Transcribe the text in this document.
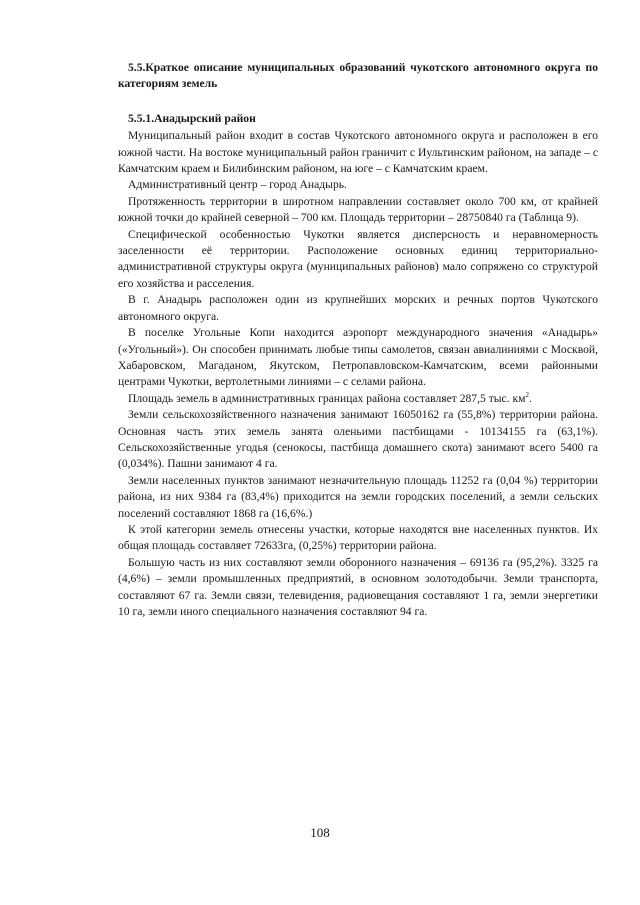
5.5.Краткое описание муниципальных образований чукотского автономного округа по категориям земель

5.5.1.Анадырский район

Муниципальный район входит в состав Чукотского автономного округа и расположен в его южной части. На востоке муниципальный район граничит с Иультинским районом, на западе – с Камчатским краем и Билибинским районом, на юге – с Камчатским краем.

Административный центр – город Анадырь.

Протяженность территории в широтном направлении составляет около 700 км, от крайней южной точки до крайней северной – 700 км. Площадь территории – 28750840 га (Таблица 9).

Специфической особенностью Чукотки является дисперсность и неравномерность заселенности её территории. Расположение основных единиц территориально-административной структуры округа (муниципальных районов) мало сопряжено со структурой его хозяйства и расселения.

В г. Анадырь расположен один из крупнейших морских и речных портов Чукотского автономного округа.

В поселке Угольные Копи находится аэропорт международного значения «Анадырь» («Угольный»). Он способен принимать любые типы самолетов, связан авиалиниями с Москвой, Хабаровском, Магаданом, Якутском, Петропавловском-Камчатским, всеми районными центрами Чукотки, вертолетными линиями – с селами района.

Площадь земель в административных границах района составляет 287,5 тыс. $км^2$.

Земли сельскохозяйственного назначения занимают 16050162 га (55,8%) территории района. Основная часть этих земель занята оленьими пастбищами - 10134155 га (63,1%). Сельскохозяйственные угодья (сенокосы, пастбища домашнего скота) занимают всего 5400 га (0,034%). Пашни занимают 4 га.

Земли населенных пунктов занимают незначительную площадь 11252 га (0,04 %) территории района, из них 9384 га (83,4%) приходится на земли городских поселений, а земли сельских поселений составляют 1868 га (16,6%.)

К этой категории земель отнесены участки, которые находятся вне населенных пунктов. Их общая площадь составляет 72633га, (0,25%) территории района.

Большую часть из них составляют земли оборонного назначения – 69136 га (95,2%). 3325 га (4,6%) – земли промышленных предприятий, в основном золотодобычи. Земли транспорта, составляют 67 га. Земли связи, телевидения, радиовещания составляют 1 га, земли энергетики 10 га, земли иного специального назначения составляют 94 га.

108
